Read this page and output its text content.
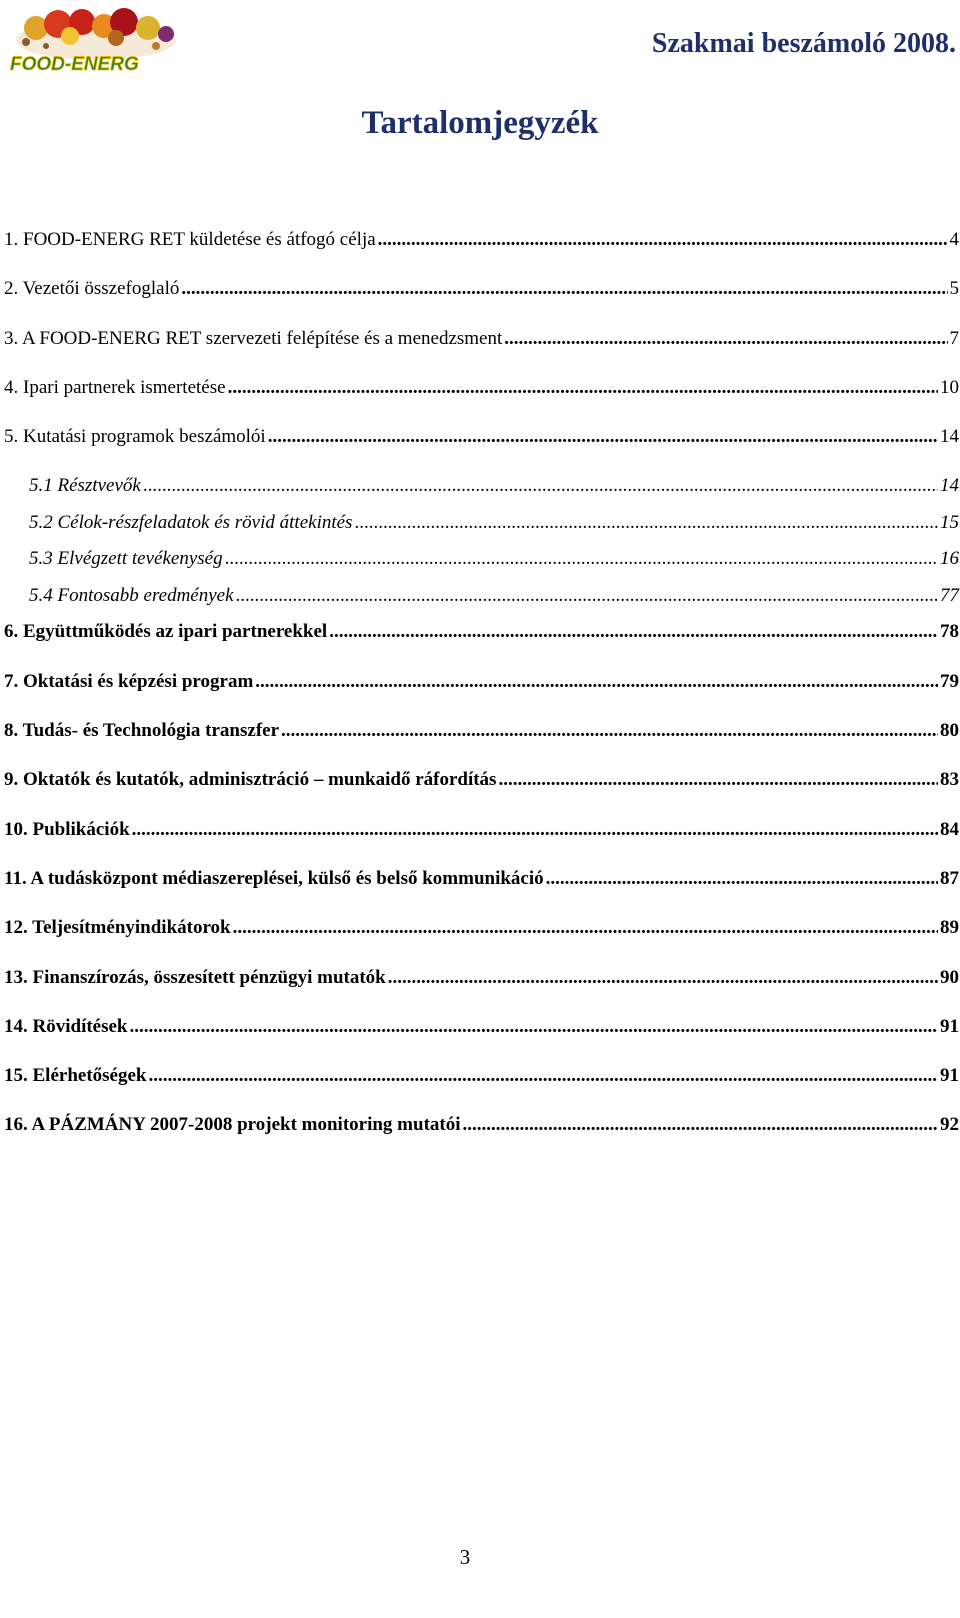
FOOD-ENERG
Szakmai beszámoló 2008.
Tartalomjegyzék
1. FOOD-ENERG RET küldetése és átfogó célja .....	4
2. Vezetői összefoglaló .....	5
3. A FOOD-ENERG RET szervezeti felépítése és a menedzsment .....	7
4. Ipari partnerek ismertetése .....	10
5. Kutatási programok beszámolói .....	14
5.1 Résztvevők .....	14
5.2 Célok-részfeladatok és rövid áttekintés .....	15
5.3 Elvégzett tevékenység .....	16
5.4 Fontosabb eredmények .....	77
6. Együttműködés az ipari partnerekkel .....	78
7. Oktatási és képzési program .....	79
8. Tudás- és Technológia transzfer .....	80
9. Oktatók és kutatók, adminisztráció – munkaidő ráfordítás .....	83
10. Publikációk .....	84
11. A tudásközpont médiaszereplései, külső és belső kommunikáció .....	87
12. Teljesítményindikátorok .....	89
13. Finanszírozás, összesített pénzügyi mutatók .....	90
14. Rövidítések .....	91
15. Elérhetőségek .....	91
16. A PÁZMÁNY 2007-2008 projekt monitoring mutatói .....	92
3
